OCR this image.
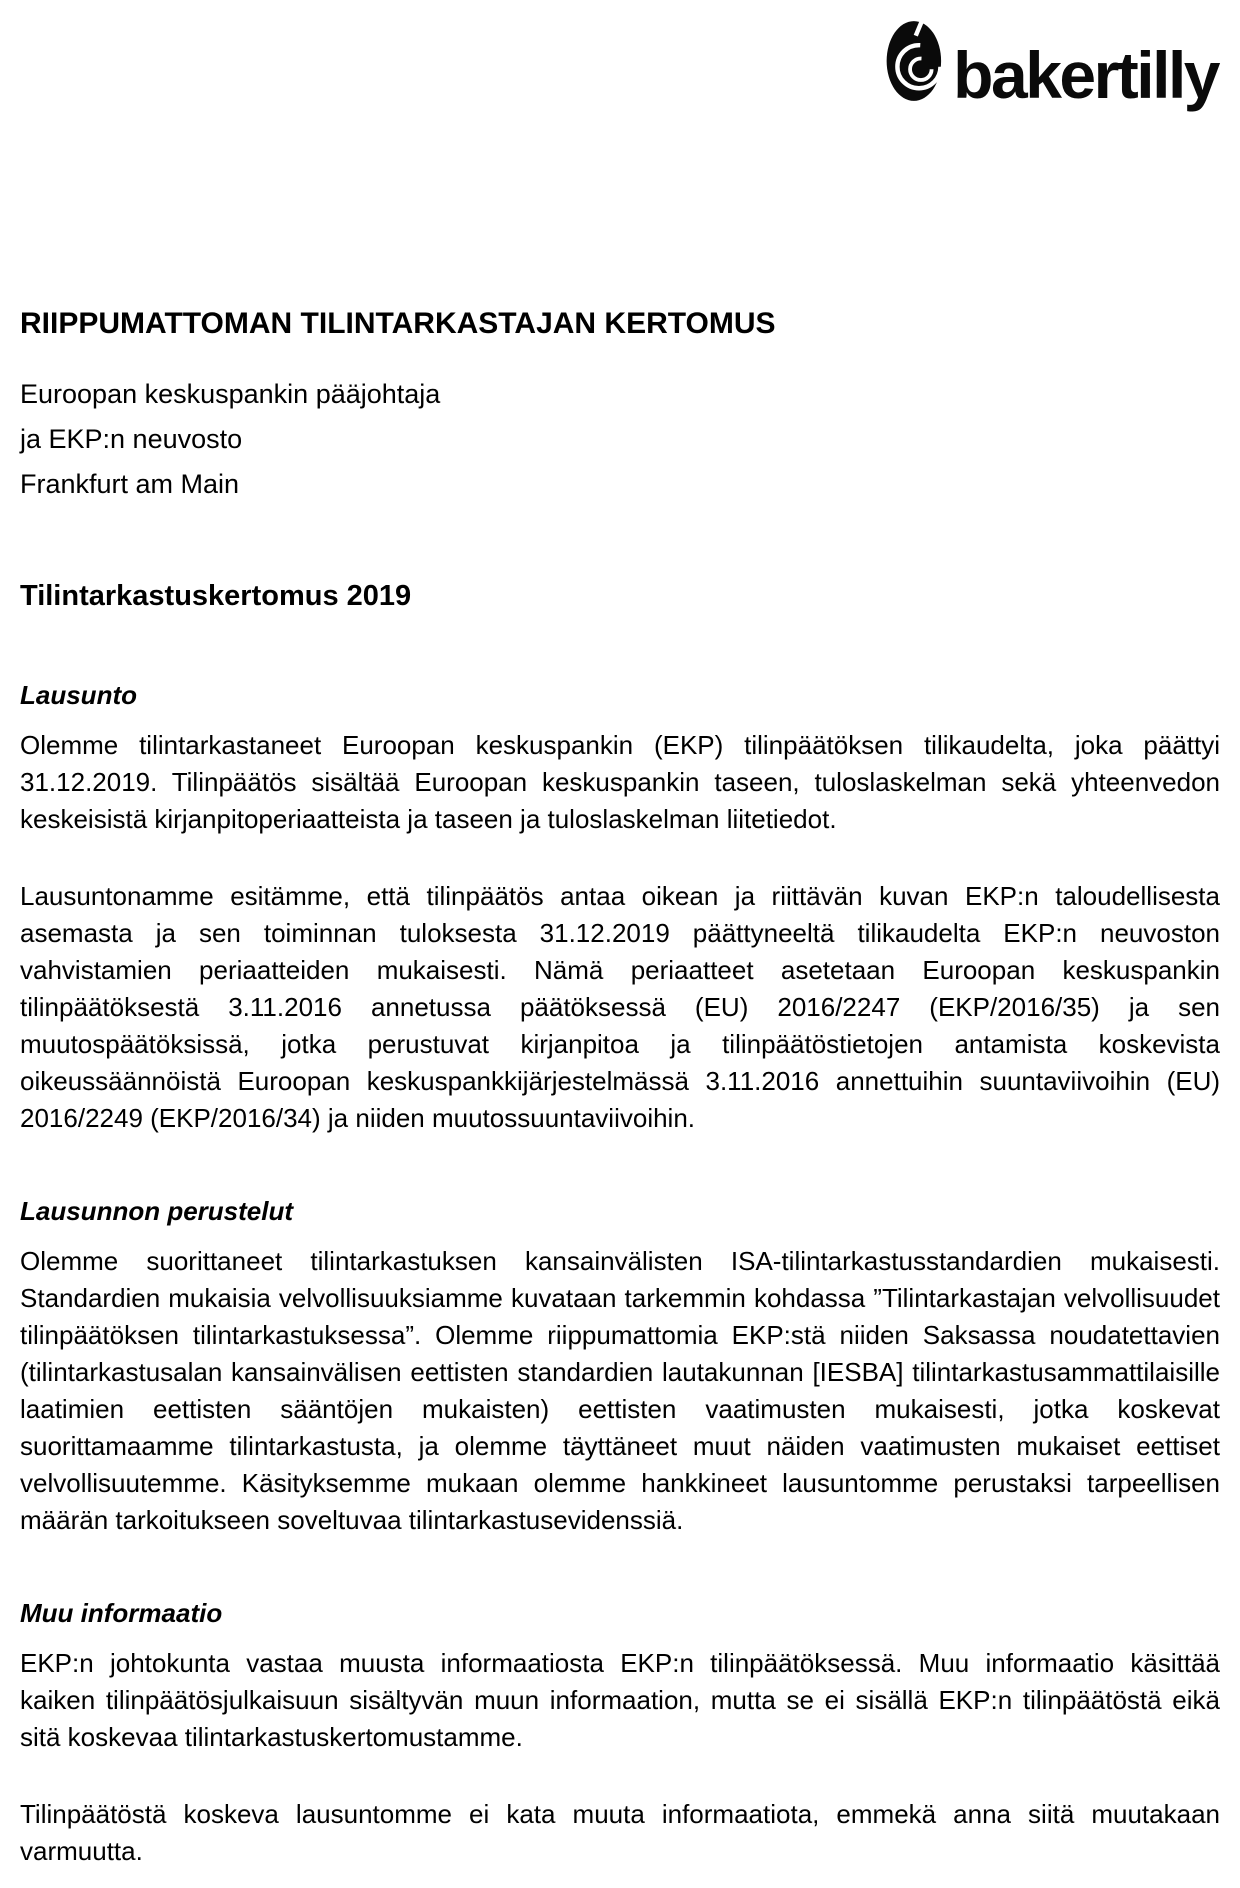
bakertilly
RIIPPUMATTOMAN TILINTARKASTAJAN KERTOMUS
Euroopan keskuspankin pääjohtaja
ja EKP:n neuvosto
Frankfurt am Main
Tilintarkastuskertomus 2019
Lausunto

Olemme tilintarkastaneet Euroopan keskuspankin (EKP) tilinpäätöksen tilikaudelta, joka päättyi 31.12.2019. Tilinpäätös sisältää Euroopan keskuspankin taseen, tuloslaskelman sekä yhteenvedon keskeisistä kirjanpitoperiaatteista ja taseen ja tuloslaskelman liitetiedot.

Lausuntonamme esitämme, että tilinpäätös antaa oikean ja riittävän kuvan EKP:n taloudellisesta asemasta ja sen toiminnan tuloksesta 31.12.2019 päättyneeltä tilikaudelta EKP:n neuvoston vahvistamien periaatteiden mukaisesti. Nämä periaatteet asetetaan Euroopan keskuspankin tilinpäätöksestä 3.11.2016 annetussa päätöksessä (EU) 2016/2247 (EKP/2016/35) ja sen muutospäätöksissä, jotka perustuvat kirjanpitoa ja tilinpäätöstietojen antamista koskevista oikeussäännöistä Euroopan keskuspankkijärjestelmässä 3.11.2016 annettuihin suuntaviivoihin (EU) 2016/2249 (EKP/2016/34) ja niiden muutossuuntaviivoihin.

Lausunnon perustelut

Olemme suorittaneet tilintarkastuksen kansainvälisten ISA-tilintarkastusstandardien mukaisesti. Standardien mukaisia velvollisuuksiamme kuvataan tarkemmin kohdassa ”Tilintarkastajan velvollisuudet tilinpäätöksen tilintarkastuksessa”. Olemme riippumattomia EKP:stä niiden Saksassa noudatettavien (tilintarkastusalan kansainvälisen eettisten standardien lautakunnan [IESBA] tilintarkastusammattilaisille laatimien eettisten sääntöjen mukaisten) eettisten vaatimusten mukaisesti, jotka koskevat suorittamaamme tilintarkastusta, ja olemme täyttäneet muut näiden vaatimusten mukaiset eettiset velvollisuutemme. Käsityksemme mukaan olemme hankkineet lausuntomme perustaksi tarpeellisen määrän tarkoitukseen soveltuvaa tilintarkastusevidenssiä.

Muu informaatio

EKP:n johtokunta vastaa muusta informaatiosta EKP:n tilinpäätöksessä. Muu informaatio käsittää kaiken tilinpäätösjulkaisuun sisältyvän muun informaation, mutta se ei sisällä EKP:n tilinpäätöstä eikä sitä koskevaa tilintarkastuskertomustamme.

Tilinpäätöstä koskeva lausuntomme ei kata muuta informaatiota, emmekä anna siitä muutakaan varmuutta.
